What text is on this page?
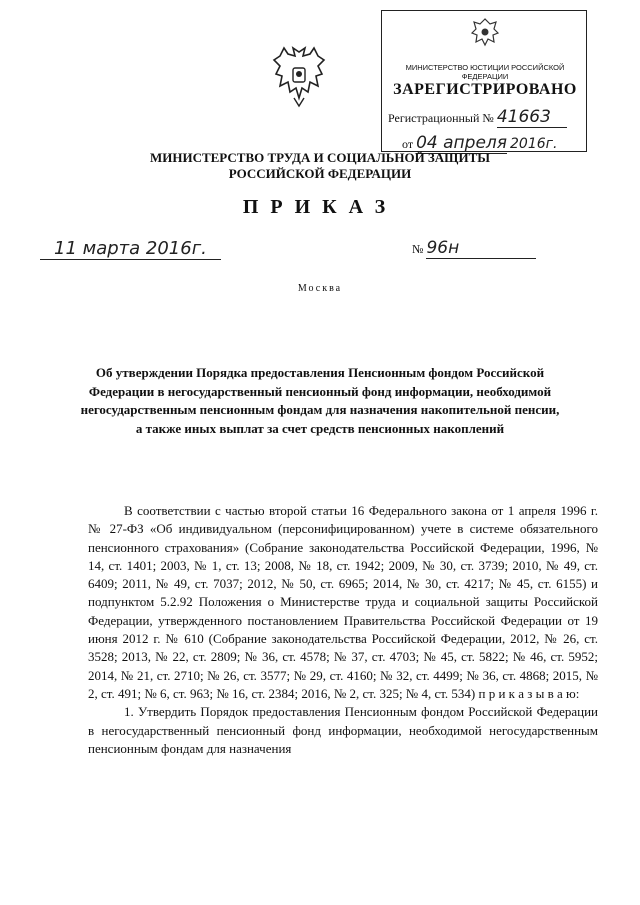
МИНИСТЕРСТВО ЮСТИЦИИ РОССИЙСКОЙ ФЕДЕРАЦИИ
ЗАРЕГИСТРИРОВАНО
Регистрационный № 41663
от 04 апреля 2016г.
МИНИСТЕРСТВО ТРУДА И СОЦИАЛЬНОЙ ЗАЩИТЫ
РОССИЙСКОЙ ФЕДЕРАЦИИ
ПРИКАЗ
11 марта 2016г.	№ 96н
Москва
Об утверждении Порядка предоставления Пенсионным фондом Российской Федерации в негосударственный пенсионный фонд информации, необходимой негосударственным пенсионным фондам для назначения накопительной пенсии, а также иных выплат за счет средств пенсионных накоплений

В соответствии с частью второй статьи 16 Федерального закона от 1 апреля 1996 г. № 27-ФЗ «Об индивидуальном (персонифицированном) учете в системе обязательного пенсионного страхования» (Собрание законодательства Российской Федерации, 1996, № 14, ст. 1401; 2003, № 1, ст. 13; 2008, № 18, ст. 1942; 2009, № 30, ст. 3739; 2010, № 49, ст. 6409; 2011, № 49, ст. 7037; 2012, № 50, ст. 6965; 2014, № 30, ст. 4217; № 45, ст. 6155) и подпунктом 5.2.92 Положения о Министерстве труда и социальной защиты Российской Федерации, утвержденного постановлением Правительства Российской Федерации от 19 июня 2012 г. № 610 (Собрание законодательства Российской Федерации, 2012, № 26, ст. 3528; 2013, № 22, ст. 2809; № 36, ст. 4578; № 37, ст. 4703; № 45, ст. 5822; № 46, ст. 5952; 2014, № 21, ст. 2710; № 26, ст. 3577; № 29, ст. 4160; № 32, ст. 4499; № 36, ст. 4868; 2015, № 2, ст. 491; № 6, ст. 963; № 16, ст. 2384; 2016, № 2, ст. 325; № 4, ст. 534) п р и к а з ы в а ю:

1. Утвердить Порядок предоставления Пенсионным фондом Российской Федерации в негосударственный пенсионный фонд информации, необходимой негосударственным пенсионным фондам для назначения
